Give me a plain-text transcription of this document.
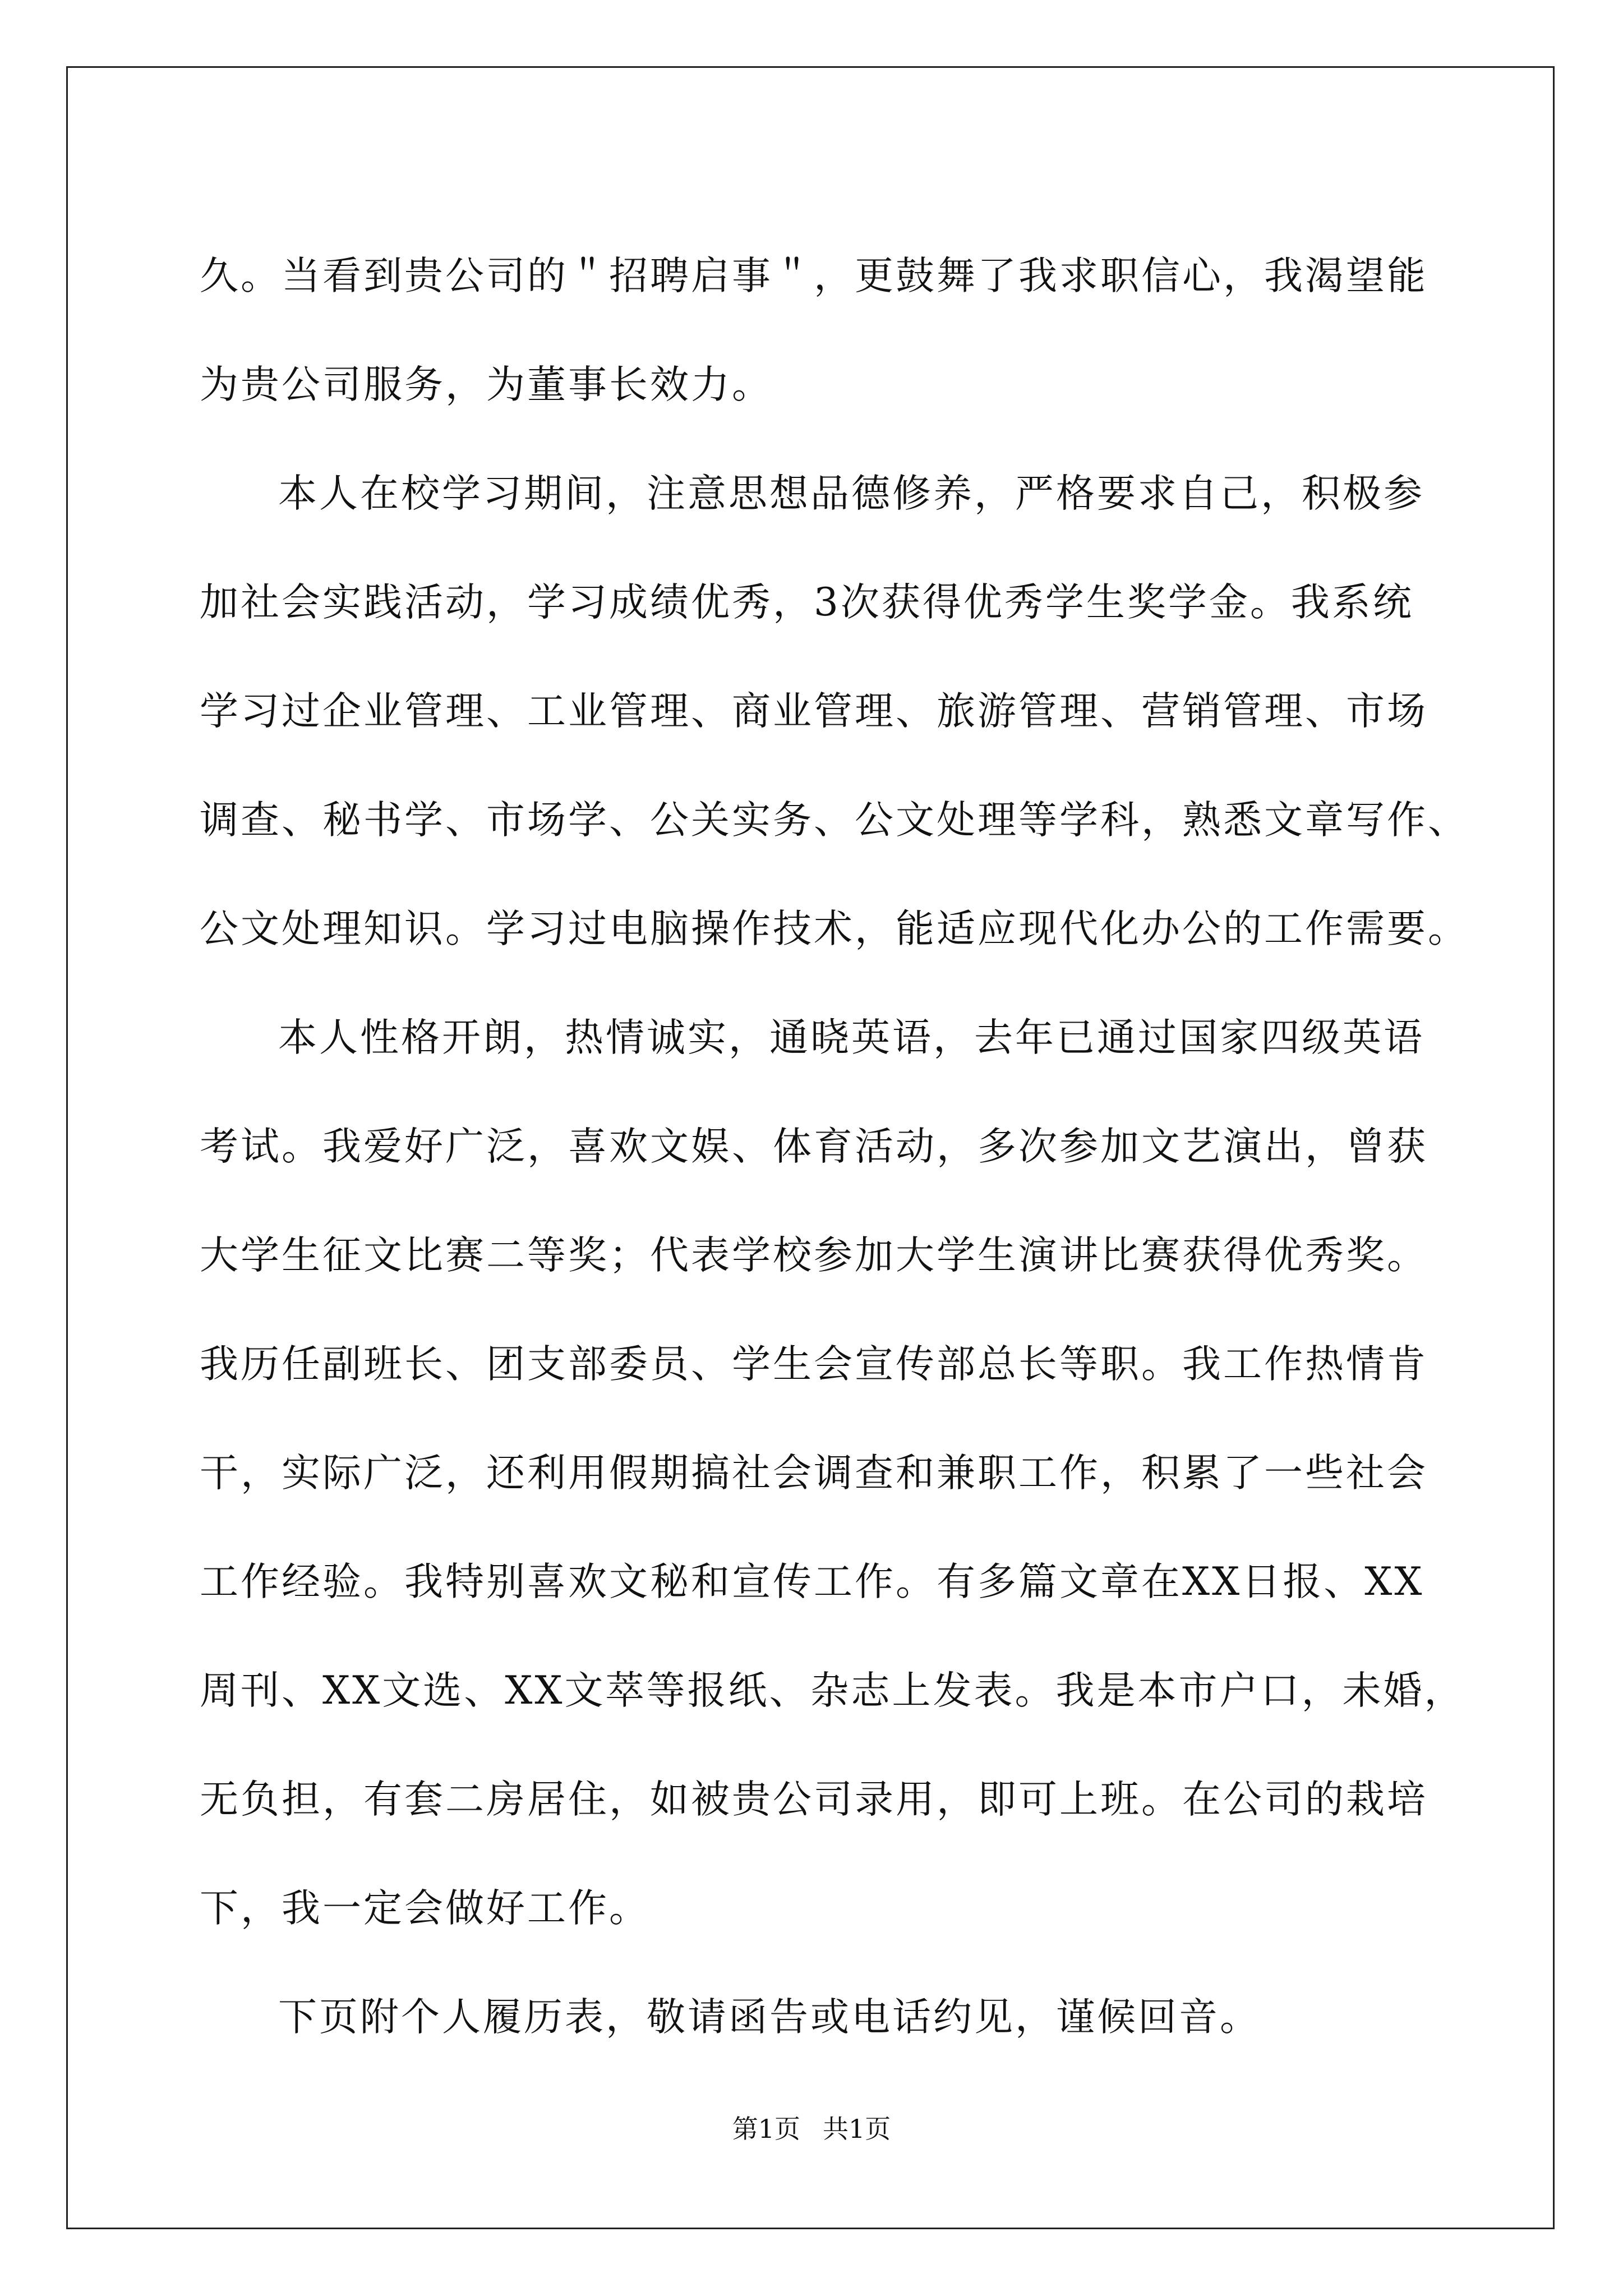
久。当看到贵公司的＂招聘启事＂，更鼓舞了我求职信心，我渴望能
为贵公司服务，为董事长效力。
本人在校学习期间，注意思想品德修养，严格要求自己，积极参
加社会实践活动，学习成绩优秀，3次获得优秀学生奖学金。我系统
学习过企业管理、工业管理、商业管理、旅游管理、营销管理、市场
调查、秘书学、市场学、公关实务、公文处理等学科，熟悉文章写作、
公文处理知识。学习过电脑操作技术，能适应现代化办公的工作需要。
本人性格开朗，热情诚实，通晓英语，去年已通过国家四级英语
考试。我爱好广泛，喜欢文娱、体育活动，多次参加文艺演出，曾获
大学生征文比赛二等奖；代表学校参加大学生演讲比赛获得优秀奖。
我历任副班长、团支部委员、学生会宣传部总长等职。我工作热情肯
干，实际广泛，还利用假期搞社会调查和兼职工作，积累了一些社会
工作经验。我特别喜欢文秘和宣传工作。有多篇文章在XX日报、XX
周刊、XX文选、XX文萃等报纸、杂志上发表。我是本市户口，未婚，
无负担，有套二房居住，如被贵公司录用，即可上班。在公司的栽培
下，我一定会做好工作。
下页附个人履历表，敬请函告或电话约见，谨候回音。
第1页 共1页
